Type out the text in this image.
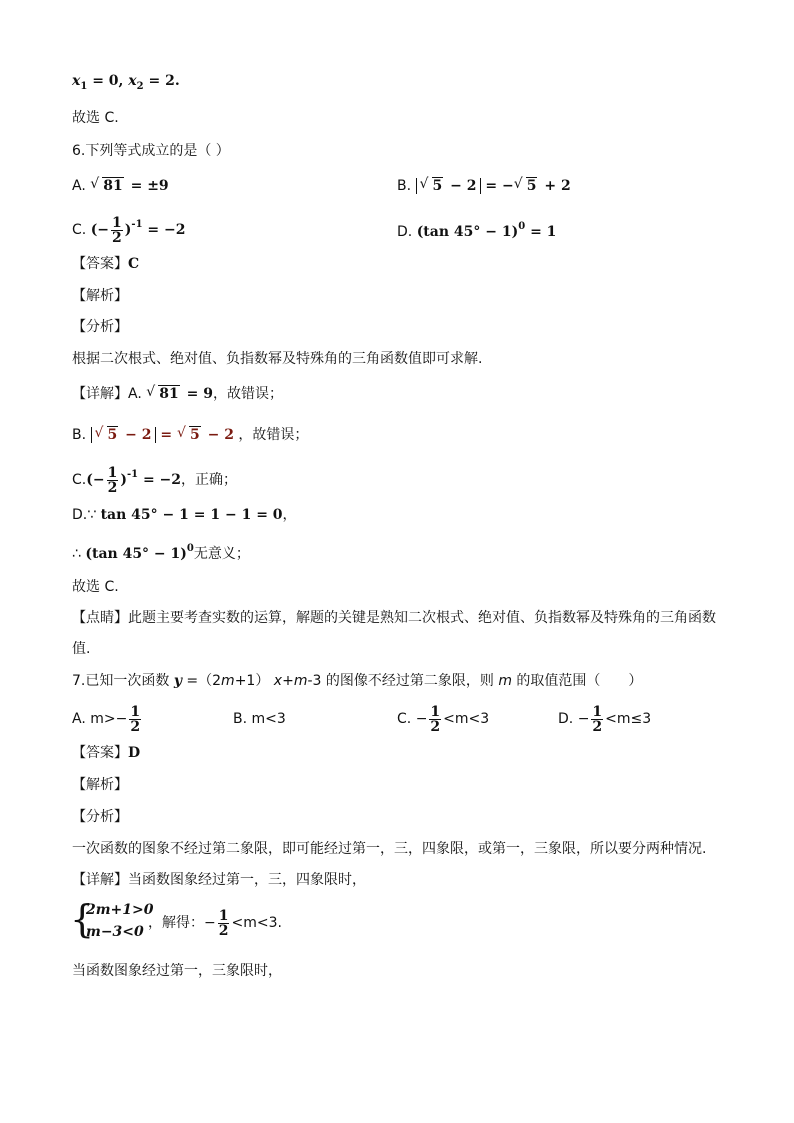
$x_1 = 0$, $x_2 = 2$.
故选 C.
6.下列等式成立的是（ ）
A. √ 81 = ±9	B. √ 5 − 2 = − √ 5 + 2
C. (− $\frac{1}{2} )^{-1} = -2$	D. (tan 45° − 1)$^0$ = 1
【答案】C
【解析】
【分析】
根据二次根式、绝对值、负指数幂及特殊角的三角函数值即可求解.
【详解】A. √ 81 = 9，故错误；
B. √ 5 − 2 = √ 5 − 2 ，故错误；
$C.(- \frac{1}{2} )^{-1} = -2$，正确；
D.∵ tan 45° − 1 = 1 − 1 = 0，
∴ (tan 45° − 1)$^0$无意义；
故选 C.
【点睛】此题主要考查实数的运算，解题的关键是熟知二次根式、绝对值、负指数幂及特殊角的三角函数
值.
7.已知一次函数 y =（2m+1） x+m-3 的图像不经过第二象限，则 m 的取值范围（　　）
A. $m>- \frac{1}{2}$	B. m<3	C. − $\frac{1}{2} <m<3$	D. − $\frac{1}{2} <m\le 3$
【答案】D
【解析】
【分析】
一次函数的图象不经过第二象限，即可能经过第一，三，四象限，或第一，三象限，所以要分两种情况.
【详解】当函数图象经过第一，三，四象限时，
{
2m+1>0
m−3<0
，解得：− $\frac{1}{2} <m<3$.
当函数图象经过第一，三象限时，
